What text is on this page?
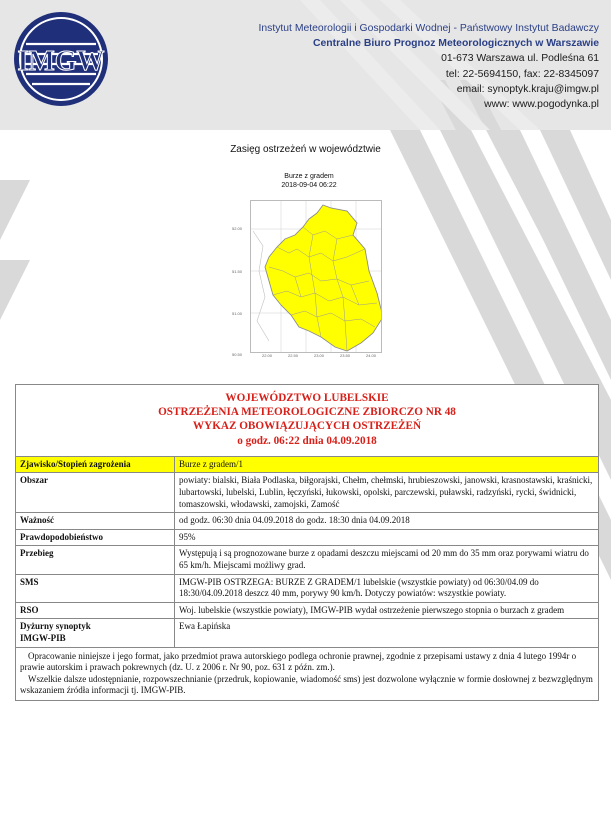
IMGW
Instytut Meteorologii i Gospodarki Wodnej - Państwowy Instytut Badawczy
Centralne Biuro Prognoz Meteorologicznych w Warszawie
01-673 Warszawa ul. Podleśna 61
tel: 22-5694150, fax: 22-8345097
email: synoptyk.kraju@imgw.pl
www: www.pogodynka.pl
Zasięg ostrzeżeń w województwie
Burze z gradem
2018-09-04 06:22
52.00
51.50
51.00
50.50	22.00	22.50	23.00	23.50	24.00
WOJEWÓDZTWO LUBELSKIE
OSTRZEŻENIA METEOROLOGICZNE ZBIORCZO NR 48
WYKAZ OBOWIĄZUJĄCYCH OSTRZEŻEŃ
o godz. 06:22 dnia 04.09.2018
Zjawisko/Stopień zagrożenia	Burze z gradem/1
Obszar	powiaty: bialski, Biała Podlaska, biłgorajski, Chełm, chełmski, hrubieszowski, janowski, krasnostawski, kraśnicki, lubartowski, lubelski, Lublin, łęczyński, łukowski, opolski, parczewski, puławski, radzyński, rycki, świdnicki, tomaszowski, włodawski, zamojski, Zamość
Ważność	od godz. 06:30 dnia 04.09.2018 do godz. 18:30 dnia 04.09.2018
Prawdopodobieństwo	95%
Przebieg	Występują i są prognozowane burze z opadami deszczu miejscami od 20 mm do 35 mm oraz porywami wiatru do 65 km/h. Miejscami możliwy grad.
SMS	IMGW-PIB OSTRZEGA: BURZE Z GRADEM/1 lubelskie (wszystkie powiaty) od 06:30/04.09 do 18:30/04.09.2018 deszcz 40 mm, porywy 90 km/h. Dotyczy powiatów: wszystkie powiaty.
RSO	Woj. lubelskie (wszystkie powiaty), IMGW-PIB wydał ostrzeżenie pierwszego stopnia o burzach z gradem
Dyżurny synoptyk
IMGW-PIB	Ewa Łapińska

Opracowanie niniejsze i jego format, jako przedmiot prawa autorskiego podlega ochronie prawnej, zgodnie z przepisami ustawy z dnia 4 lutego 1994r o prawie autorskim i prawach pokrewnych (dz. U. z 2006 r. Nr 90, poz. 631 z późn. zm.).

Wszelkie dalsze udostępnianie, rozpowszechnianie (przedruk, kopiowanie, wiadomość sms) jest dozwolone wyłącznie w formie dosłownej z bezwzględnym wskazaniem źródła informacji tj. IMGW-PIB.
